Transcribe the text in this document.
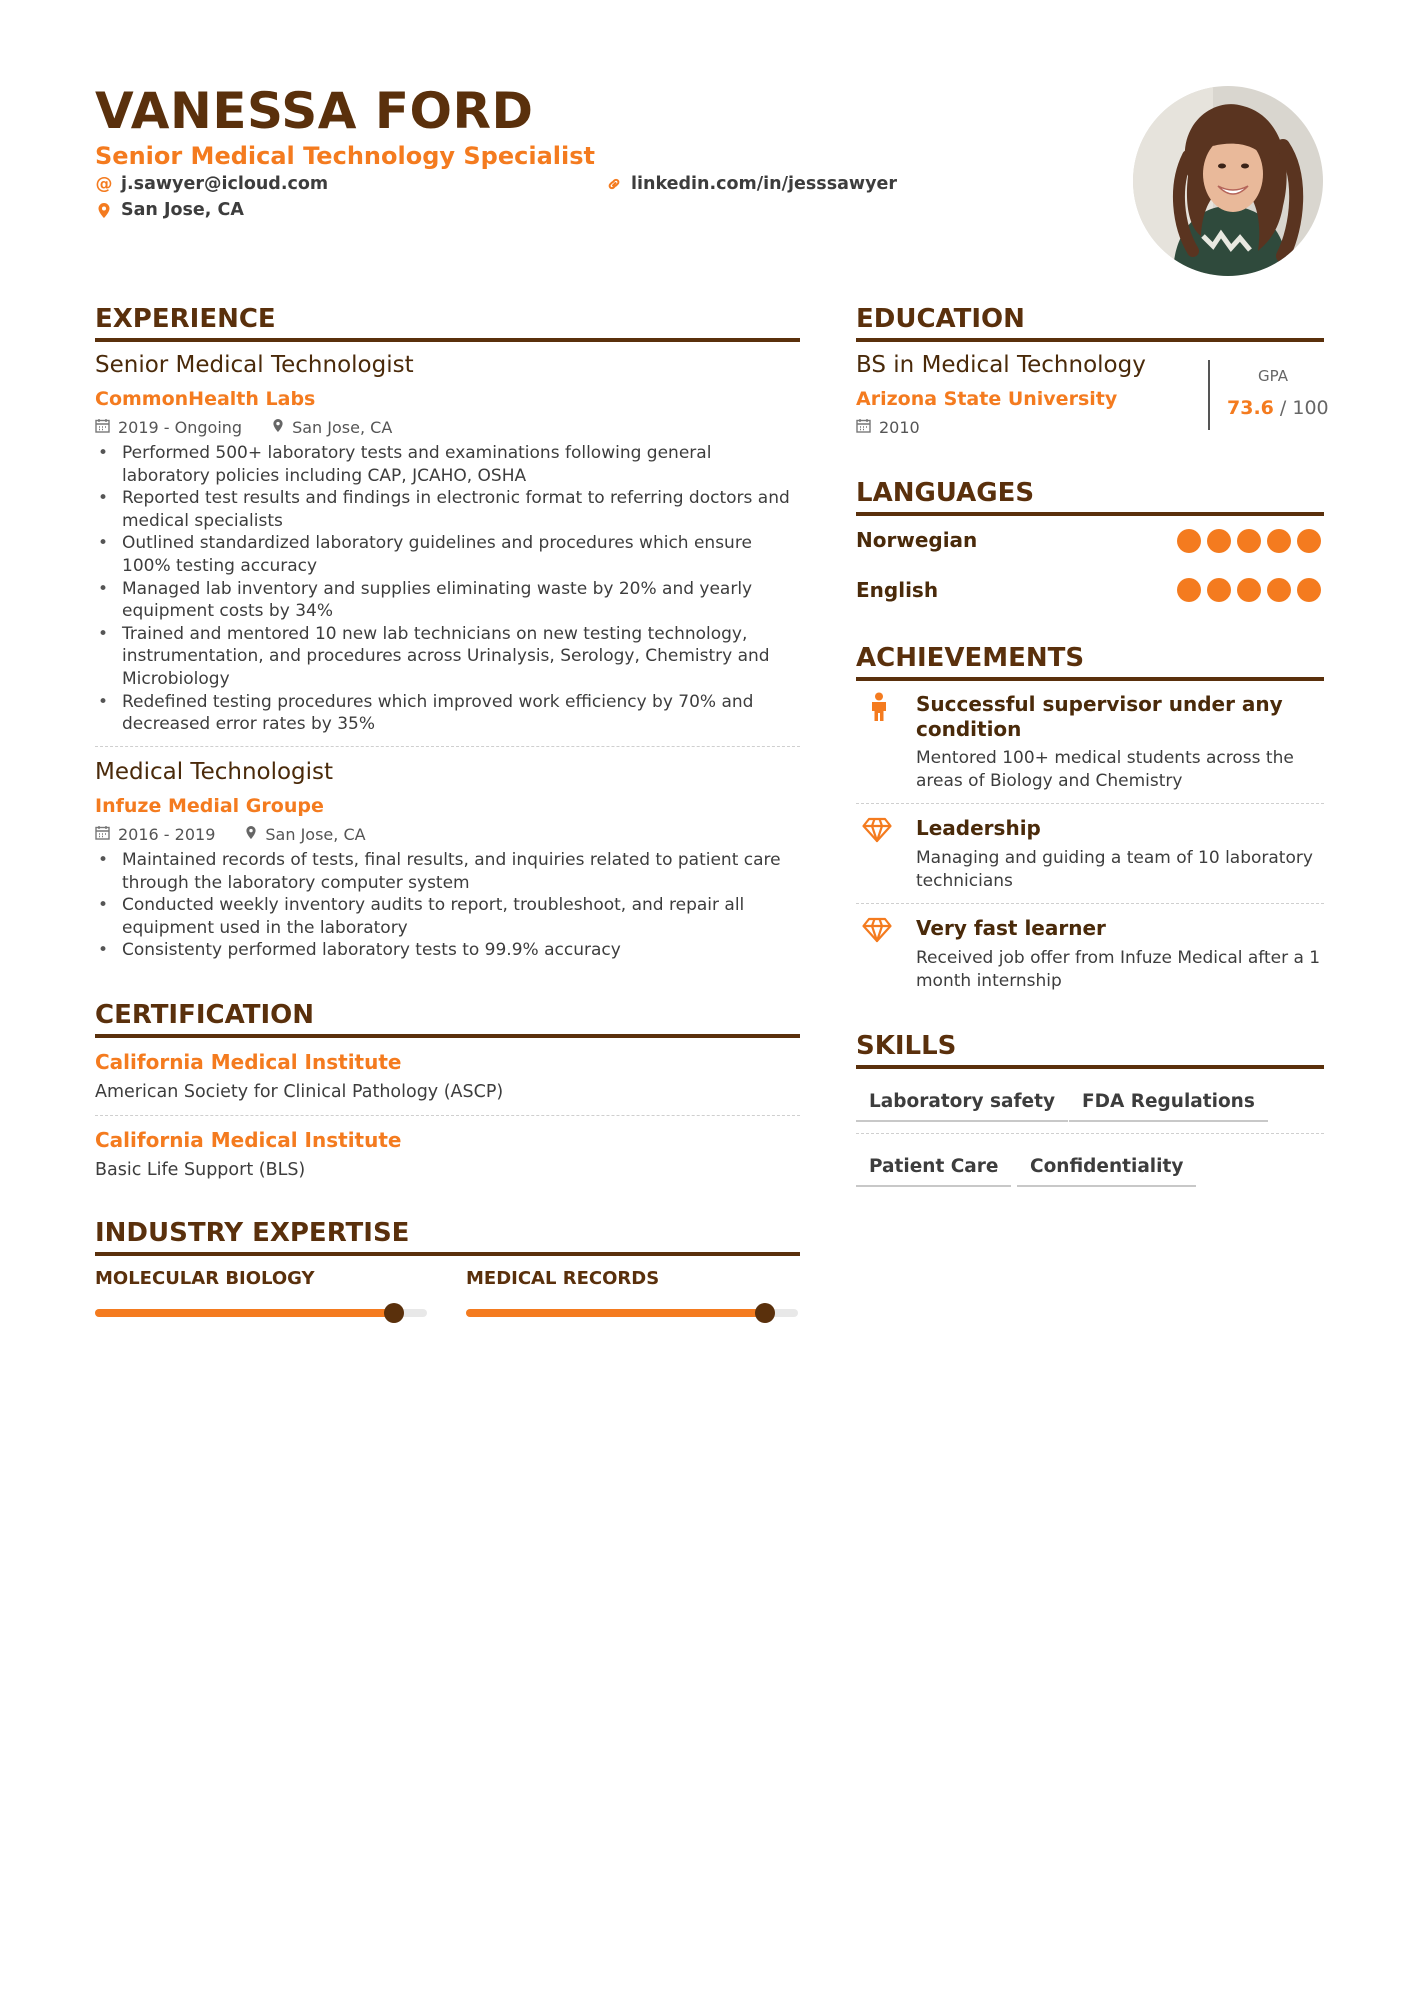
VANESSA FORD
Senior Medical Technology Specialist
@ j.sawyer@icloud.com	linkedin.com/in/jesssawyer
San Jose, CA
EXPERIENCE
Senior Medical Technologist
CommonHealth Labs
2019 - Ongoing	San Jose, CA
• Performed 500+ laboratory tests and examinations following general laboratory policies including CAP, JCAHO, OSHA
• Reported test results and findings in electronic format to referring doctors and medical specialists
• Outlined standardized laboratory guidelines and procedures which ensure 100% testing accuracy
• Managed lab inventory and supplies eliminating waste by 20% and yearly equipment costs by 34%
• Trained and mentored 10 new lab technicians on new testing technology, instrumentation, and procedures across Urinalysis, Serology, Chemistry and Microbiology
• Redefined testing procedures which improved work efficiency by 70% and decreased error rates by 35%
Medical Technologist
Infuze Medial Groupe
2016 - 2019	San Jose, CA
• Maintained records of tests, final results, and inquiries related to patient care through the laboratory computer system
• Conducted weekly inventory audits to report, troubleshoot, and repair all equipment used in the laboratory
• Consistenty performed laboratory tests to 99.9% accuracy
CERTIFICATION
California Medical Institute
American Society for Clinical Pathology (ASCP)
California Medical Institute
Basic Life Support (BLS)
INDUSTRY EXPERTISE
MOLECULAR BIOLOGY	MEDICAL RECORDS
EDUCATION
BS in Medical Technology
Arizona State University
2010
GPA
73.6 / 100
LANGUAGES
Norwegian
English
ACHIEVEMENTS
Successful supervisor under any condition
Mentored 100+ medical students across the areas of Biology and Chemistry
Leadership
Managing and guiding a team of 10 laboratory technicians
Very fast learner
Received job offer from Infuze Medical after a 1 month internship
SKILLS
Laboratory safety	FDA Regulations
Patient Care	Confidentiality
